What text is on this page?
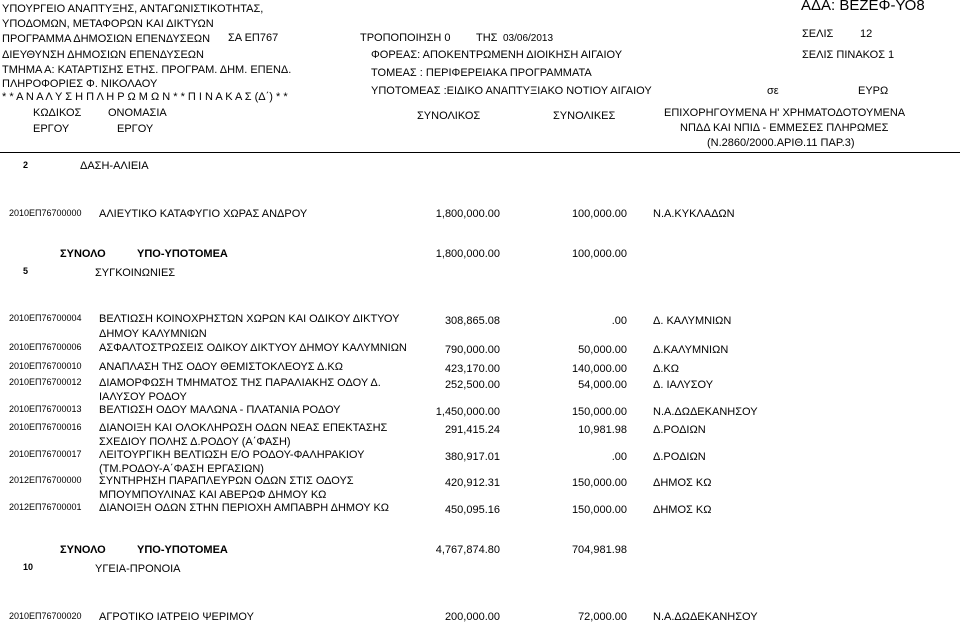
ΥΠΟΥΡΓΕΙΟ ΑΝΑΠΤΥΞΗΣ, ΑΝΤΑΓΩΝΙΣΤΙΚΟΤΗΤΑΣ,
ΥΠΟΔΟΜΩΝ, ΜΕΤΑΦΟΡΩΝ ΚΑΙ ΔΙΚΤΥΩΝ
ΠΡΟΓΡΑΜΜΑ ΔΗΜΟΣΙΩΝ ΕΠΕΝΔΥΣΕΩΝ
ΔΙΕΥΘΥΝΣΗ ΔΗΜΟΣΙΩΝ ΕΠΕΝΔΥΣΕΩΝ
ΤΜΗΜΑ Α: ΚΑΤΑΡΤΙΣΗΣ ΕΤΗΣ. ΠΡΟΓΡΑΜ. ΔΗΜ. ΕΠΕΝΔ.
ΠΛΗΡΟΦΟΡΙΕΣ Φ. ΝΙΚΟΛΑΟΥ
* * Α Ν Α Λ Υ Σ Η Π Λ Η Ρ Ω Μ Ω Ν * * Π Ι Ν Α Κ Α Σ (Δ΄) * *
ΣΑ ΕΠ767	ΤΡΟΠΟΠΟΙΗΣΗ 0 ΤΗΣ 03/06/2013
ΦΟΡΕΑΣ: ΑΠΟΚΕΝΤΡΩΜΕΝΗ ΔΙΟΙΚΗΣΗ ΑΙΓΑΙΟΥ
ΤΟΜΕΑΣ : ΠΕΡΙΦΕΡΕΙΑΚΑ ΠΡΟΓΡΑΜΜΑΤΑ
ΥΠΟΤΟΜΕΑΣ :ΕΙΔΙΚΟ ΑΝΑΠΤΥΞΙΑΚΟ ΝΟΤΙΟΥ ΑΙΓΑΙΟΥ
ΑΔΑ: ΒΕΖΕΦ-ΥΟ8
ΣΕΛΙΣ 12
ΣΕΛΙΣ ΠΙΝΑΚΟΣ 1
σε	ΕΥΡΩ
ΚΩΔΙΚΟΣ
ΕΡΓΟΥ
ΟΝΟΜΑΣΙΑ
ΕΡΓΟΥ
ΣΥΝΟΛΙΚΟΣ	ΣΥΝΟΛΙΚΕΣ	ΕΠΙΧΟΡΗΓΟΥΜΕΝΑ Η' ΧΡΗΜΑΤΟΔΟΤΟΥΜΕΝΑ
ΝΠΔΔ ΚΑΙ ΝΠΙΔ - ΕΜΜΕΣΕΣ ΠΛΗΡΩΜΕΣ
(Ν.2860/2000.ΑΡΙΘ.11 ΠΑΡ.3)
2	ΔΑΣΗ-ΑΛΙΕΙΑ
2010ΕΠ76700000 ΑΛΙΕΥΤΙΚΟ ΚΑΤΑΦΥΓΙΟ ΧΩΡΑΣ ΑΝΔΡΟΥ	1,800,000.00	100,000.00 Ν.Α.ΚΥΚΛΑΔΩΝ
ΣΥΝΟΛΟ	ΥΠΟ-ΥΠΟΤΟΜΕΑ	1,800,000.00	100,000.00
5	ΣΥΓΚΟΙΝΩΝΙΕΣ
2010ΕΠ76700004 ΒΕΛΤΙΩΣΗ ΚΟΙΝΟΧΡΗΣΤΩΝ ΧΩΡΩΝ ΚΑΙ ΟΔΙΚΟΥ ΔΙΚΤΥΟΥ
ΔΗΜΟΥ ΚΑΛΥΜΝΙΩΝ
308,865.08	.00 Δ. ΚΑΛΥΜΝΙΩΝ
2010ΕΠ76700006 ΑΣΦΑΛΤΟΣΤΡΩΣΕΙΣ ΟΔΙΚΟΥ ΔΙΚΤΥΟΥ ΔΗΜΟΥ ΚΑΛΥΜΝΙΩΝ	790,000.00	50,000.00 Δ.ΚΑΛΥΜΝΙΩΝ
2010ΕΠ76700010 ΑΝΑΠΛΑΣΗ ΤΗΣ ΟΔΟΥ ΘΕΜΙΣΤΟΚΛΕΟΥΣ Δ.ΚΩ	423,170.00	140,000.00 Δ.ΚΩ
2010ΕΠ76700012 ΔΙΑΜΟΡΦΩΣΗ ΤΜΗΜΑΤΟΣ ΤΗΣ ΠΑΡΑΛΙΑΚΗΣ ΟΔΟΥ Δ.
ΙΑΛΥΣΟΥ ΡΟΔΟΥ
252,500.00	54,000.00 Δ. ΙΑΛΥΣΟΥ
2010ΕΠ76700013 ΒΕΛΤΙΩΣΗ ΟΔΟΥ ΜΑΛΩΝΑ - ΠΛΑΤΑΝΙΑ ΡΟΔΟΥ	1,450,000.00	150,000.00 Ν.Α.ΔΩΔΕΚΑΝΗΣΟΥ
2010ΕΠ76700016 ΔΙΑΝΟΙΞΗ ΚΑΙ ΟΛΟΚΛΗΡΩΣΗ ΟΔΩΝ ΝΕΑΣ ΕΠΕΚΤΑΣΗΣ
ΣΧΕΔΙΟΥ ΠΟΛΗΣ Δ.ΡΟΔΟΥ (Α΄ΦΑΣΗ)
291,415.24	10,981.98 Δ.ΡΟΔΙΩΝ
2010ΕΠ76700017 ΛΕΙΤΟΥΡΓΙΚΗ ΒΕΛΤΙΩΣΗ Ε/Ο ΡΟΔΟΥ-ΦΑΛΗΡΑΚΙΟΥ
(ΤΜ.ΡΟΔΟΥ-Α΄ΦΑΣΗ ΕΡΓΑΣΙΩΝ)
380,917.01	.00 Δ.ΡΟΔΙΩΝ
2012ΕΠ76700000 ΣΥΝΤΗΡΗΣΗ ΠΑΡΑΠΛΕΥΡΩΝ ΟΔΩΝ ΣΤΙΣ ΟΔΟΥΣ
ΜΠΟΥΜΠΟΥΛΙΝΑΣ ΚΑΙ ΑΒΕΡΩΦ ΔΗΜΟΥ ΚΩ
420,912.31	150,000.00 ΔΗΜΟΣ ΚΩ
2012ΕΠ76700001 ΔΙΑΝΟΙΞΗ ΟΔΩΝ ΣΤΗΝ ΠΕΡΙΟΧΗ ΑΜΠΑΒΡΗ ΔΗΜΟΥ ΚΩ	450,095.16	150,000.00 ΔΗΜΟΣ ΚΩ
ΣΥΝΟΛΟ	ΥΠΟ-ΥΠΟΤΟΜΕΑ	4,767,874.80	704,981.98
10	ΥΓΕΙΑ-ΠΡΟΝΟΙΑ
2010ΕΠ76700020 ΑΓΡΟΤΙΚΟ ΙΑΤΡΕΙΟ ΨΕΡΙΜΟΥ	200,000.00	72,000.00 Ν.Α.ΔΩΔΕΚΑΝΗΣΟΥ
